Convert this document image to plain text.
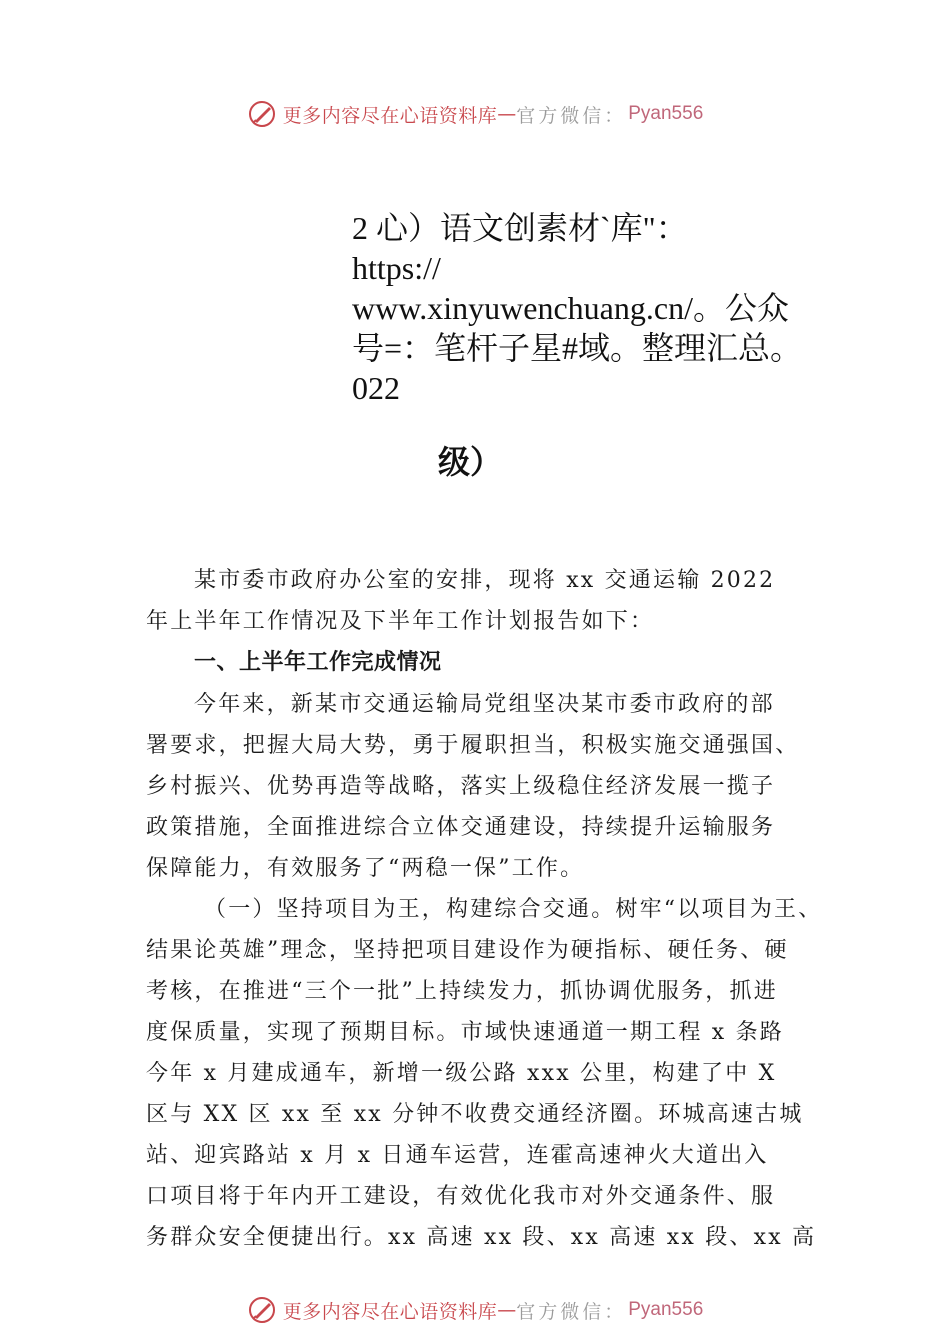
更多内容尽在心语资料库 — 官方微信： Pyan556
2 心）语文创素材`库"：
https://
www.xinyuwenchuang.cn/。公众
号=：笔杆子星#域。整理汇总。
022
级）
某市委市政府办公室的安排，现将 xx 交通运输 2022
年上半年工作情况及下半年工作计划报告如下：
一、上半年工作完成情况
今年来，新某市交通运输局党组坚决某市委市政府的部
署要求，把握大局大势，勇于履职担当，积极实施交通强国、
乡村振兴、优势再造等战略，落实上级稳住经济发展一揽子
政策措施，全面推进综合立体交通建设，持续提升运输服务
保障能力，有效服务了“两稳一保”工作。
（一）坚持项目为王，构建综合交通。树牢“以项目为王、
结果论英雄”理念，坚持把项目建设作为硬指标、硬任务、硬
考核，在推进“三个一批”上持续发力，抓协调优服务，抓进
度保质量，实现了预期目标。市域快速通道一期工程 x 条路
今年 x 月建成通车，新增一级公路 xxx 公里，构建了中 X
区与 XX 区 xx 至 xx 分钟不收费交通经济圈。环城高速古城
站、迎宾路站 x 月 x 日通车运营，连霍高速神火大道出入
口项目将于年内开工建设，有效优化我市对外交通条件、服
务群众安全便捷出行。xx 高速 xx 段、xx 高速 xx 段、xx 高
更多内容尽在心语资料库 — 官方微信： Pyan556
